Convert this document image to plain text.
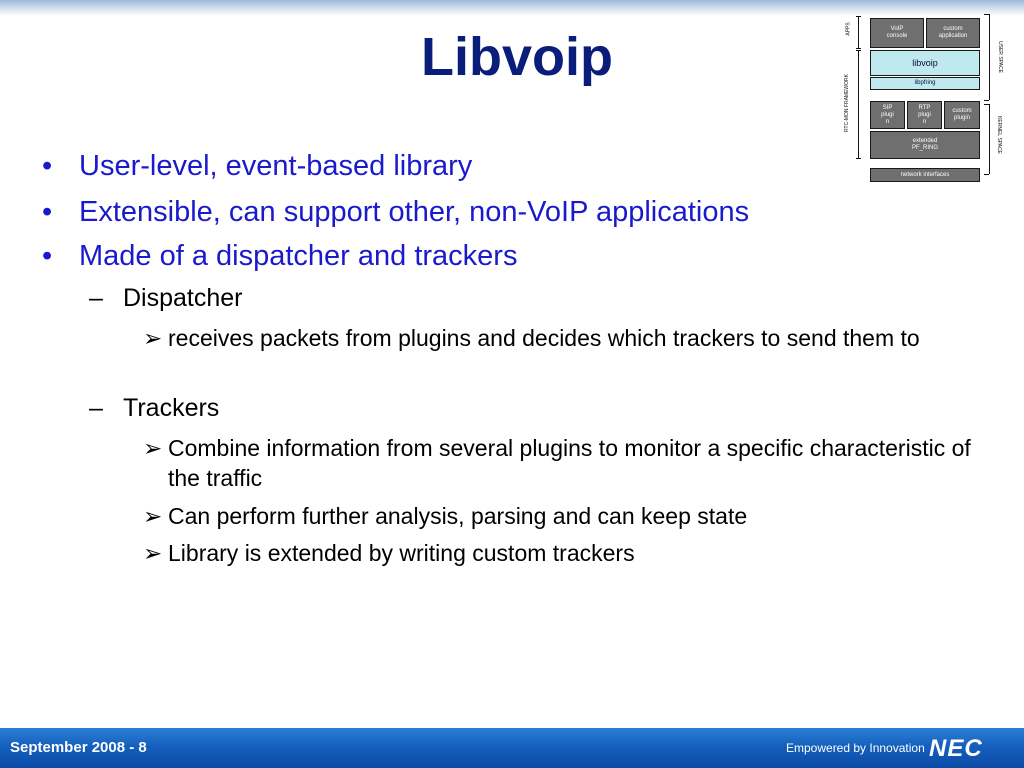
Libvoip	APPS
RTC-MON FRAMEWORK
USER SPACE
KERNEL SPACE
VoIP
console
custom
application
libvoip
libpfring
SIP
plugi
n
RTP
plugi
n
custom
plugin
extended
PF_RING
network interfaces
• User-level, event-based library
• Extensible, can support other, non-VoIP applications
• Made of a dispatcher and trackers
– Dispatcher
➢ receives packets from plugins and decides which trackers to send them to
– Trackers
➢ Combine information from several plugins to monitor a specific characteristic of the traffic
➢ Can perform further analysis, parsing and can keep state
➢ Library is extended by writing custom trackers
September 2008 - 8	Empowered by Innovation NEC
